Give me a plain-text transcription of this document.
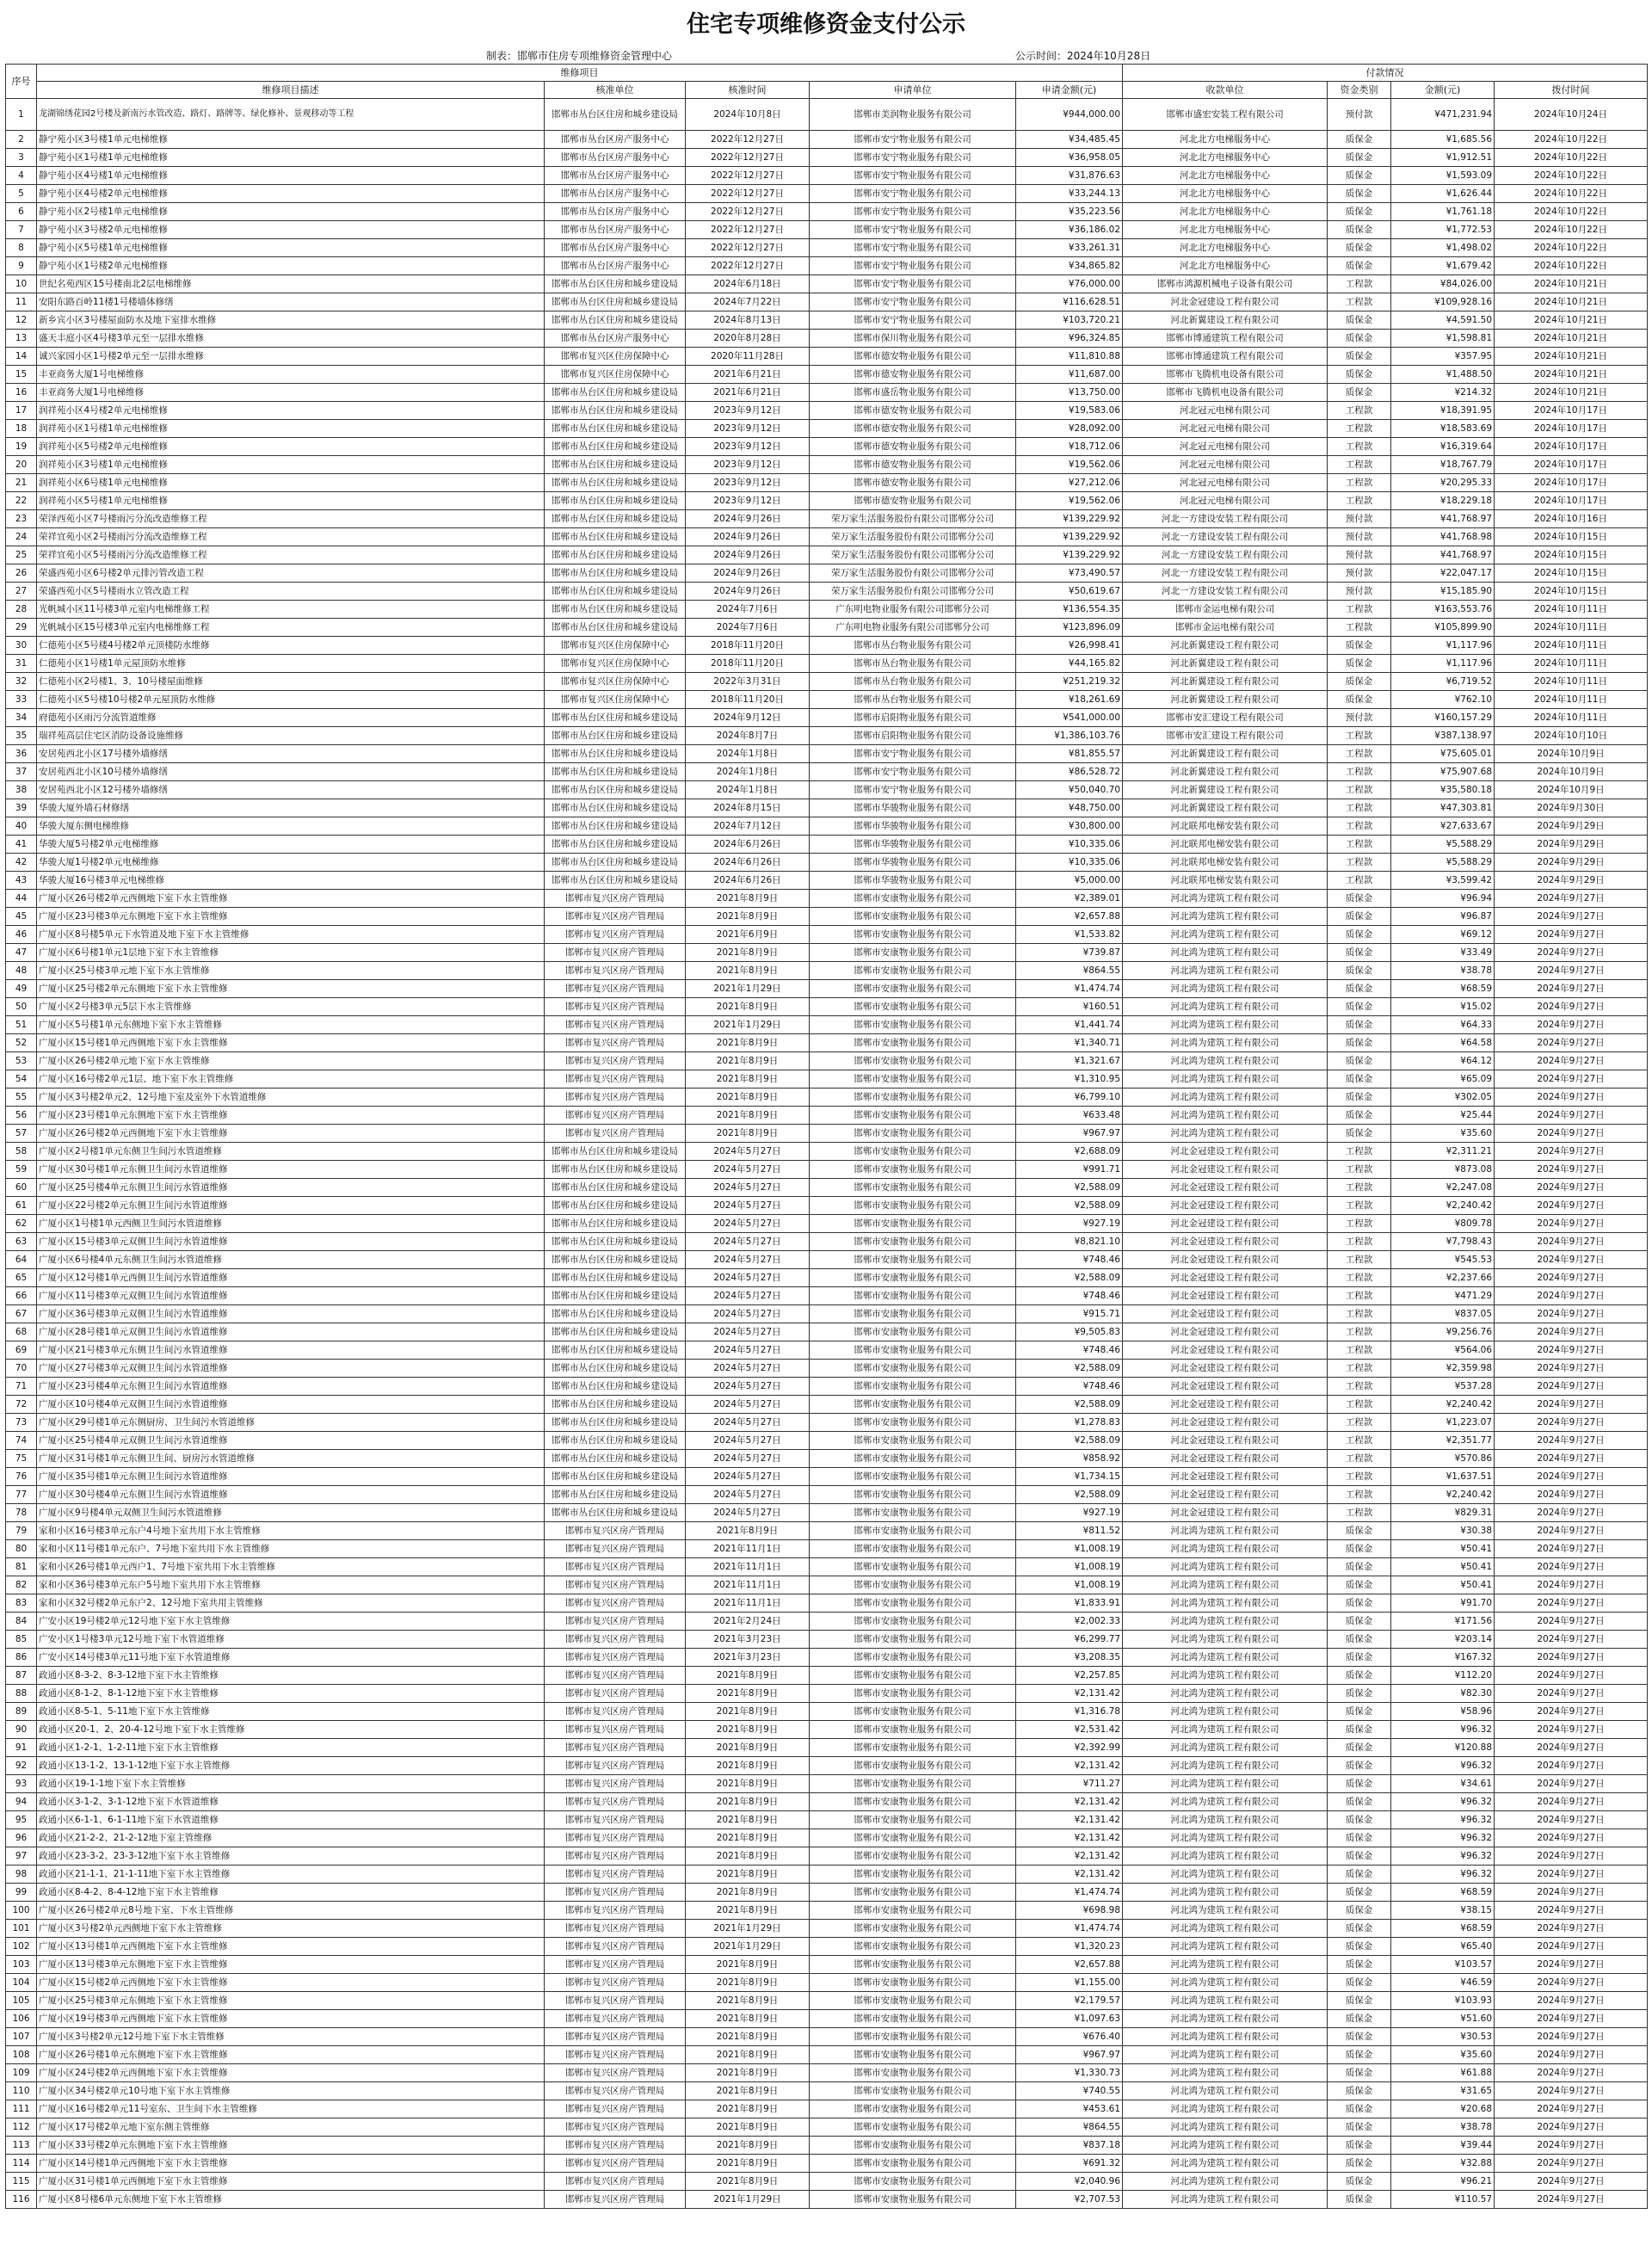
住宅专项维修资金支付公示
制表：邯郸市住房专项维修资金管理中心	公示时间：2024年10月28日
序号	维修项目					付款情况			
	维修项目描述	核准单位	核准时间	申请单位	申请金额(元)	收款单位	资金类别	金额(元)	拨付时间
1	龙湖锦绣花园2号楼及新南污水管改造、路灯、路牌等、绿化修补、景观移动等工程	邯郸市丛台区住房和城乡建设局	2024年10月8日	邯郸市美润物业服务有限公司	¥944,000.00	邯郸市盛宏安装工程有限公司	预付款	¥471,231.94	2024年10月24日
2	静宁苑小区3号楼1单元电梯维修	邯郸市丛台区房产服务中心	2022年12月27日	邯郸市安宁物业服务有限公司	¥34,485.45	河北北方电梯服务中心	质保金	¥1,685.56	2024年10月22日
3	静宁苑小区1号楼1单元电梯维修	邯郸市丛台区房产服务中心	2022年12月27日	邯郸市安宁物业服务有限公司	¥36,958.05	河北北方电梯服务中心	质保金	¥1,912.51	2024年10月22日
4	静宁苑小区4号楼1单元电梯维修	邯郸市丛台区房产服务中心	2022年12月27日	邯郸市安宁物业服务有限公司	¥31,876.63	河北北方电梯服务中心	质保金	¥1,593.09	2024年10月22日
5	静宁苑小区4号楼2单元电梯维修	邯郸市丛台区房产服务中心	2022年12月27日	邯郸市安宁物业服务有限公司	¥33,244.13	河北北方电梯服务中心	质保金	¥1,626.44	2024年10月22日
6	静宁苑小区2号楼1单元电梯维修	邯郸市丛台区房产服务中心	2022年12月27日	邯郸市安宁物业服务有限公司	¥35,223.56	河北北方电梯服务中心	质保金	¥1,761.18	2024年10月22日
7	静宁苑小区3号楼2单元电梯维修	邯郸市丛台区房产服务中心	2022年12月27日	邯郸市安宁物业服务有限公司	¥36,186.02	河北北方电梯服务中心	质保金	¥1,772.53	2024年10月22日
8	静宁苑小区5号楼1单元电梯维修	邯郸市丛台区房产服务中心	2022年12月27日	邯郸市安宁物业服务有限公司	¥33,261.31	河北北方电梯服务中心	质保金	¥1,498.02	2024年10月22日
9	静宁苑小区1号楼2单元电梯维修	邯郸市丛台区房产服务中心	2022年12月27日	邯郸市安宁物业服务有限公司	¥34,865.82	河北北方电梯服务中心	质保金	¥1,679.42	2024年10月22日
10	世纪名苑西区15号楼南北2层电梯维修	邯郸市丛台区住房和城乡建设局	2024年6月18日	邯郸市安宁物业服务有限公司	¥76,000.00	邯郸市鸿源机械电子设备有限公司	工程款	¥84,026.00	2024年10月21日
11	安阳东路百岭11楼1号楼墙体修缮	邯郸市丛台区住房和城乡建设局	2024年7月22日	邯郸市安宁物业服务有限公司	¥116,628.51	河北金冠建设工程有限公司	工程款	¥109,928.16	2024年10月21日
12	新乡宾小区3号楼屋面防水及地下室排水维修	邯郸市丛台区住房和城乡建设局	2024年8月13日	邯郸市安宁物业服务有限公司	¥103,720.21	河北新翼建设工程有限公司	质保金	¥4,591.50	2024年10月21日
13	盛天丰庭小区4号楼3单元至一层排水维修	邯郸市丛台区房产服务中心	2020年8月28日	邯郸市保川物业服务有限公司	¥96,324.85	邯郸市博通建筑工程有限公司	质保金	¥1,598.81	2024年10月21日
14	诚兴家园小区1号楼2单元至一层排水维修	邯郸市复兴区住房保障中心	2020年11月28日	邯郸市德安物业服务有限公司	¥11,810.88	邯郸市博通建筑工程有限公司	质保金	¥357.95	2024年10月21日
15	丰亚商务大厦1号电梯维修	邯郸市复兴区住房保障中心	2021年6月21日	邯郸市德安物业服务有限公司	¥11,687.00	邯郸市飞腾机电设备有限公司	质保金	¥1,488.50	2024年10月21日
16	丰亚商务大厦1号电梯维修	邯郸市丛台区住房和城乡建设局	2021年6月21日	邯郸市盛岳物业服务有限公司	¥13,750.00	邯郸市飞腾机电设备有限公司	质保金	¥214.32	2024年10月21日
17	润祥苑小区4号楼2单元电梯维修	邯郸市丛台区住房和城乡建设局	2023年9月12日	邯郸市德安物业服务有限公司	¥19,583.06	河北冠元电梯有限公司	工程款	¥18,391.95	2024年10月17日
18	润祥苑小区1号楼1单元电梯维修	邯郸市丛台区住房和城乡建设局	2023年9月12日	邯郸市德安物业服务有限公司	¥28,092.00	河北冠元电梯有限公司	工程款	¥18,583.69	2024年10月17日
19	润祥苑小区5号楼2单元电梯维修	邯郸市丛台区住房和城乡建设局	2023年9月12日	邯郸市德安物业服务有限公司	¥18,712.06	河北冠元电梯有限公司	工程款	¥16,319.64	2024年10月17日
20	润祥苑小区3号楼1单元电梯维修	邯郸市丛台区住房和城乡建设局	2023年9月12日	邯郸市德安物业服务有限公司	¥19,562.06	河北冠元电梯有限公司	工程款	¥18,767.79	2024年10月17日
21	润祥苑小区6号楼1单元电梯维修	邯郸市丛台区住房和城乡建设局	2023年9月12日	邯郸市德安物业服务有限公司	¥27,212.06	河北冠元电梯有限公司	工程款	¥20,295.33	2024年10月17日
22	润祥苑小区5号楼1单元电梯维修	邯郸市丛台区住房和城乡建设局	2023年9月12日	邯郸市德安物业服务有限公司	¥19,562.06	河北冠元电梯有限公司	工程款	¥18,229.18	2024年10月17日
23	荣泽西苑小区7号楼雨污分流改造维修工程	邯郸市丛台区住房和城乡建设局	2024年9月26日	荣万家生活服务股份有限公司邯郸分公司	¥139,229.92	河北一方建设安装工程有限公司	预付款	¥41,768.97	2024年10月16日
24	荣祥宜苑小区2号楼雨污分流改造维修工程	邯郸市丛台区住房和城乡建设局	2024年9月26日	荣万家生活服务股份有限公司邯郸分公司	¥139,229.92	河北一方建设安装工程有限公司	预付款	¥41,768.98	2024年10月15日
25	荣祥宜苑小区5号楼雨污分流改造维修工程	邯郸市丛台区住房和城乡建设局	2024年9月26日	荣万家生活服务股份有限公司邯郸分公司	¥139,229.92	河北一方建设安装工程有限公司	预付款	¥41,768.97	2024年10月15日
26	荣盛西苑小区6号楼2单元排污管改造工程	邯郸市丛台区住房和城乡建设局	2024年9月26日	荣万家生活服务股份有限公司邯郸分公司	¥73,490.57	河北一方建设安装工程有限公司	预付款	¥22,047.17	2024年10月15日
27	荣盛西苑小区5号楼雨水立管改造工程	邯郸市丛台区住房和城乡建设局	2024年9月26日	荣万家生活服务股份有限公司邯郸分公司	¥50,619.67	河北一方建设安装工程有限公司	预付款	¥15,185.90	2024年10月15日
28	光帆城小区11号楼3单元室内电梯维修工程	邯郸市丛台区住房和城乡建设局	2024年7月6日	广东明电物业服务有限公司邯郸分公司	¥136,554.35	邯郸市金运电梯有限公司	工程款	¥163,553.76	2024年10月11日
29	光帆城小区15号楼3单元室内电梯维修工程	邯郸市丛台区住房和城乡建设局	2024年7月6日	广东明电物业服务有限公司邯郸分公司	¥123,896.09	邯郸市金运电梯有限公司	工程款	¥105,899.90	2024年10月11日
30	仁德苑小区5号楼4号楼2单元顶楼防水维修	邯郸市复兴区住房保障中心	2018年11月20日	邯郸市丛台物业服务有限公司	¥26,998.41	河北新翼建设工程有限公司	质保金	¥1,117.96	2024年10月11日
31	仁德苑小区1号楼1单元屋顶防水维修	邯郸市复兴区住房保障中心	2018年11月20日	邯郸市丛台物业服务有限公司	¥44,165.82	河北新翼建设工程有限公司	质保金	¥1,117.96	2024年10月11日
32	仁德苑小区2号楼1、3、10号楼屋面维修	邯郸市复兴区住房保障中心	2022年3月31日	邯郸市丛台物业服务有限公司	¥251,219.32	河北新翼建设工程有限公司	质保金	¥6,719.52	2024年10月11日
33	仁德苑小区5号楼10号楼2单元屋顶防水维修	邯郸市复兴区住房保障中心	2018年11月20日	邯郸市丛台物业服务有限公司	¥18,261.69	河北新翼建设工程有限公司	质保金	¥762.10	2024年10月11日
34	府德苑小区雨污分流管道维修	邯郸市丛台区住房和城乡建设局	2024年9月12日	邯郸市启阳物业服务有限公司	¥541,000.00	邯郸市安汇建设工程有限公司	预付款	¥160,157.29	2024年10月11日
35	瑞祥苑高层住宅区消防设备设施维修	邯郸市丛台区住房和城乡建设局	2024年8月7日	邯郸市启阳物业服务有限公司	¥1,386,103.76	邯郸市安汇建设工程有限公司	工程款	¥387,138.97	2024年10月10日
36	安居苑西北小区17号楼外墙修缮	邯郸市丛台区住房和城乡建设局	2024年1月8日	邯郸市安宁物业服务有限公司	¥81,855.57	河北新翼建设工程有限公司	工程款	¥75,605.01	2024年10月9日
37	安居苑西北小区10号楼外墙修缮	邯郸市丛台区住房和城乡建设局	2024年1月8日	邯郸市安宁物业服务有限公司	¥86,528.72	河北新翼建设工程有限公司	工程款	¥75,907.68	2024年10月9日
38	安居苑西北小区12号楼外墙修缮	邯郸市丛台区住房和城乡建设局	2024年1月8日	邯郸市安宁物业服务有限公司	¥50,040.70	河北新翼建设工程有限公司	工程款	¥35,580.18	2024年10月9日
39	华骏大厦外墙石材修缮	邯郸市丛台区住房和城乡建设局	2024年8月15日	邯郸市华骏物业服务有限公司	¥48,750.00	河北新翼建设工程有限公司	工程款	¥47,303.81	2024年9月30日
40	华骏大厦东侧电梯维修	邯郸市丛台区住房和城乡建设局	2024年7月12日	邯郸市华骏物业服务有限公司	¥30,800.00	河北联邦电梯安装有限公司	工程款	¥27,633.67	2024年9月29日
41	华骏大厦5号楼2单元电梯维修	邯郸市丛台区住房和城乡建设局	2024年6月26日	邯郸市华骏物业服务有限公司	¥10,335.06	河北联邦电梯安装有限公司	工程款	¥5,588.29	2024年9月29日
42	华骏大厦1号楼2单元电梯维修	邯郸市丛台区住房和城乡建设局	2024年6月26日	邯郸市华骏物业服务有限公司	¥10,335.06	河北联邦电梯安装有限公司	工程款	¥5,588.29	2024年9月29日
43	华骏大厦16号楼3单元电梯维修	邯郸市丛台区住房和城乡建设局	2024年6月26日	邯郸市华骏物业服务有限公司	¥5,000.00	河北联邦电梯安装有限公司	工程款	¥3,599.42	2024年9月29日
44	广厦小区26号楼2单元西侧地下室下水主管维修	邯郸市复兴区房产管理局	2021年8月9日	邯郸市安康物业服务有限公司	¥2,389.01	河北鸿为建筑工程有限公司	质保金	¥96.94	2024年9月27日
45	广厦小区23号楼3单元东侧地下室下水主管维修	邯郸市复兴区房产管理局	2021年8月9日	邯郸市安康物业服务有限公司	¥2,657.88	河北鸿为建筑工程有限公司	质保金	¥96.87	2024年9月27日
46	广厦小区8号楼5单元下水管道及地下室下水主管维修	邯郸市复兴区房产管理局	2021年6月9日	邯郸市安康物业服务有限公司	¥1,533.82	河北鸿为建筑工程有限公司	质保金	¥69.12	2024年9月27日
47	广厦小区6号楼1单元1层地下室下水主管维修	邯郸市复兴区房产管理局	2021年8月9日	邯郸市安康物业服务有限公司	¥739.87	河北鸿为建筑工程有限公司	质保金	¥33.49	2024年9月27日
48	广厦小区25号楼3单元地下室下水主管维修	邯郸市复兴区房产管理局	2021年8月9日	邯郸市安康物业服务有限公司	¥864.55	河北鸿为建筑工程有限公司	质保金	¥38.78	2024年9月27日
49	广厦小区25号楼2单元东侧地下室下水主管维修	邯郸市复兴区房产管理局	2021年1月29日	邯郸市安康物业服务有限公司	¥1,474.74	河北鸿为建筑工程有限公司	质保金	¥68.59	2024年9月27日
50	广厦小区2号楼3单元5层下水主管维修	邯郸市复兴区房产管理局	2021年8月9日	邯郸市安康物业服务有限公司	¥160.51	河北鸿为建筑工程有限公司	质保金	¥15.02	2024年9月27日
51	广厦小区5号楼1单元东侧地下室下水主管维修	邯郸市复兴区房产管理局	2021年1月29日	邯郸市安康物业服务有限公司	¥1,441.74	河北鸿为建筑工程有限公司	质保金	¥64.33	2024年9月27日
52	广厦小区15号楼1单元西侧地下室下水主管维修	邯郸市复兴区房产管理局	2021年8月9日	邯郸市安康物业服务有限公司	¥1,340.71	河北鸿为建筑工程有限公司	质保金	¥64.58	2024年9月27日
53	广厦小区26号楼2单元地下室下水主管维修	邯郸市复兴区房产管理局	2021年8月9日	邯郸市安康物业服务有限公司	¥1,321.67	河北鸿为建筑工程有限公司	质保金	¥64.12	2024年9月27日
54	广厦小区16号楼2单元1层、地下室下水主管维修	邯郸市复兴区房产管理局	2021年8月9日	邯郸市安康物业服务有限公司	¥1,310.95	河北鸿为建筑工程有限公司	质保金	¥65.09	2024年9月27日
55	广厦小区3号楼2单元2、12号地下室及室外下水管道维修	邯郸市复兴区房产管理局	2021年8月9日	邯郸市安康物业服务有限公司	¥6,799.10	河北鸿为建筑工程有限公司	质保金	¥302.05	2024年9月27日
56	广厦小区23号楼1单元东侧地下室下水主管维修	邯郸市复兴区房产管理局	2021年8月9日	邯郸市安康物业服务有限公司	¥633.48	河北鸿为建筑工程有限公司	质保金	¥25.44	2024年9月27日
57	广厦小区26号楼2单元西侧地下室下水主管维修	邯郸市复兴区房产管理局	2021年8月9日	邯郸市安康物业服务有限公司	¥967.97	河北鸿为建筑工程有限公司	质保金	¥35.60	2024年9月27日
58	广厦小区2号楼1单元东侧卫生间污水管道维修	邯郸市丛台区住房和城乡建设局	2024年5月27日	邯郸市安康物业服务有限公司	¥2,688.09	河北金冠建设工程有限公司	工程款	¥2,311.21	2024年9月27日
59	广厦小区30号楼1单元东侧卫生间污水管道维修	邯郸市丛台区住房和城乡建设局	2024年5月27日	邯郸市安康物业服务有限公司	¥991.71	河北金冠建设工程有限公司	工程款	¥873.08	2024年9月27日
60	广厦小区25号楼4单元东侧卫生间污水管道维修	邯郸市丛台区住房和城乡建设局	2024年5月27日	邯郸市安康物业服务有限公司	¥2,588.09	河北金冠建设工程有限公司	工程款	¥2,247.08	2024年9月27日
61	广厦小区22号楼2单元东侧卫生间污水管道维修	邯郸市丛台区住房和城乡建设局	2024年5月27日	邯郸市安康物业服务有限公司	¥2,588.09	河北金冠建设工程有限公司	工程款	¥2,240.42	2024年9月27日
62	广厦小区1号楼1单元西侧卫生间污水管道维修	邯郸市丛台区住房和城乡建设局	2024年5月27日	邯郸市安康物业服务有限公司	¥927.19	河北金冠建设工程有限公司	工程款	¥809.78	2024年9月27日
63	广厦小区15号楼3单元双侧卫生间污水管道维修	邯郸市丛台区住房和城乡建设局	2024年5月27日	邯郸市安康物业服务有限公司	¥8,821.10	河北金冠建设工程有限公司	工程款	¥7,798.43	2024年9月27日
64	广厦小区6号楼4单元东侧卫生间污水管道维修	邯郸市丛台区住房和城乡建设局	2024年5月27日	邯郸市安康物业服务有限公司	¥748.46	河北金冠建设工程有限公司	工程款	¥545.53	2024年9月27日
65	广厦小区12号楼1单元西侧卫生间污水管道维修	邯郸市丛台区住房和城乡建设局	2024年5月27日	邯郸市安康物业服务有限公司	¥2,588.09	河北金冠建设工程有限公司	工程款	¥2,237.66	2024年9月27日
66	广厦小区11号楼3单元双侧卫生间污水管道维修	邯郸市丛台区住房和城乡建设局	2024年5月27日	邯郸市安康物业服务有限公司	¥748.46	河北金冠建设工程有限公司	工程款	¥471.29	2024年9月27日
67	广厦小区36号楼3单元双侧卫生间污水管道维修	邯郸市丛台区住房和城乡建设局	2024年5月27日	邯郸市安康物业服务有限公司	¥915.71	河北金冠建设工程有限公司	工程款	¥837.05	2024年9月27日
68	广厦小区28号楼1单元双侧卫生间污水管道维修	邯郸市丛台区住房和城乡建设局	2024年5月27日	邯郸市安康物业服务有限公司	¥9,505.83	河北金冠建设工程有限公司	工程款	¥9,256.76	2024年9月27日
69	广厦小区21号楼3单元东侧卫生间污水管道维修	邯郸市丛台区住房和城乡建设局	2024年5月27日	邯郸市安康物业服务有限公司	¥748.46	河北金冠建设工程有限公司	工程款	¥564.06	2024年9月27日
70	广厦小区27号楼3单元双侧卫生间污水管道维修	邯郸市丛台区住房和城乡建设局	2024年5月27日	邯郸市安康物业服务有限公司	¥2,588.09	河北金冠建设工程有限公司	工程款	¥2,359.98	2024年9月27日
71	广厦小区23号楼4单元东侧卫生间污水管道维修	邯郸市丛台区住房和城乡建设局	2024年5月27日	邯郸市安康物业服务有限公司	¥748.46	河北金冠建设工程有限公司	工程款	¥537.28	2024年9月27日
72	广厦小区10号楼4单元双侧卫生间污水管道维修	邯郸市丛台区住房和城乡建设局	2024年5月27日	邯郸市安康物业服务有限公司	¥2,588.09	河北金冠建设工程有限公司	工程款	¥2,240.42	2024年9月27日
73	广厦小区29号楼1单元东侧厨房、卫生间污水管道维修	邯郸市丛台区住房和城乡建设局	2024年5月27日	邯郸市安康物业服务有限公司	¥1,278.83	河北金冠建设工程有限公司	工程款	¥1,223.07	2024年9月27日
74	广厦小区25号楼4单元双侧卫生间污水管道维修	邯郸市丛台区住房和城乡建设局	2024年5月27日	邯郸市安康物业服务有限公司	¥2,588.09	河北金冠建设工程有限公司	工程款	¥2,351.77	2024年9月27日
75	广厦小区31号楼1单元东侧卫生间、厨房污水管道维修	邯郸市丛台区住房和城乡建设局	2024年5月27日	邯郸市安康物业服务有限公司	¥858.92	河北金冠建设工程有限公司	工程款	¥570.86	2024年9月27日
76	广厦小区35号楼1单元东侧卫生间污水管道维修	邯郸市丛台区住房和城乡建设局	2024年5月27日	邯郸市安康物业服务有限公司	¥1,734.15	河北金冠建设工程有限公司	工程款	¥1,637.51	2024年9月27日
77	广厦小区30号楼4单元东侧卫生间污水管道维修	邯郸市丛台区住房和城乡建设局	2024年5月27日	邯郸市安康物业服务有限公司	¥2,588.09	河北金冠建设工程有限公司	工程款	¥2,240.42	2024年9月27日
78	广厦小区9号楼4单元双侧卫生间污水管道维修	邯郸市丛台区住房和城乡建设局	2024年5月27日	邯郸市安康物业服务有限公司	¥927.19	河北金冠建设工程有限公司	工程款	¥829.31	2024年9月27日
79	家和小区16号楼3单元东户4号地下室共用下水主管维修	邯郸市复兴区房产管理局	2021年8月9日	邯郸市安康物业服务有限公司	¥811.52	河北鸿为建筑工程有限公司	质保金	¥30.38	2024年9月27日
80	家和小区11号楼1单元东户、7号地下室共用下水主管维修	邯郸市复兴区房产管理局	2021年11月1日	邯郸市安康物业服务有限公司	¥1,008.19	河北鸿为建筑工程有限公司	质保金	¥50.41	2024年9月27日
81	家和小区26号楼1单元西户1、7号地下室共用下水主管维修	邯郸市复兴区房产管理局	2021年11月1日	邯郸市安康物业服务有限公司	¥1,008.19	河北鸿为建筑工程有限公司	质保金	¥50.41	2024年9月27日
82	家和小区36号楼3单元东户5号地下室共用下水主管维修	邯郸市复兴区房产管理局	2021年11月1日	邯郸市安康物业服务有限公司	¥1,008.19	河北鸿为建筑工程有限公司	质保金	¥50.41	2024年9月27日
83	家和小区32号楼2单元东户2、12号地下室共用主管维修	邯郸市复兴区房产管理局	2021年11月1日	邯郸市安康物业服务有限公司	¥1,833.91	河北鸿为建筑工程有限公司	质保金	¥91.70	2024年9月27日
84	广安小区19号楼2单元12号地下室下水主管维修	邯郸市复兴区房产管理局	2021年2月24日	邯郸市安康物业服务有限公司	¥2,002.33	河北鸿为建筑工程有限公司	质保金	¥171.56	2024年9月27日
85	广安小区1号楼3单元12号地下室下水管道维修	邯郸市复兴区房产管理局	2021年3月23日	邯郸市安康物业服务有限公司	¥6,299.77	河北鸿为建筑工程有限公司	质保金	¥203.14	2024年9月27日
86	广安小区14号楼3单元11号地下室下水管道维修	邯郸市复兴区房产管理局	2021年3月23日	邯郸市安康物业服务有限公司	¥3,208.35	河北鸿为建筑工程有限公司	质保金	¥167.32	2024年9月27日
87	政通小区8-3-2、8-3-12地下室下水主管维修	邯郸市复兴区房产管理局	2021年8月9日	邯郸市安康物业服务有限公司	¥2,257.85	河北鸿为建筑工程有限公司	质保金	¥112.20	2024年9月27日
88	政通小区8-1-2、8-1-12地下室下水主管维修	邯郸市复兴区房产管理局	2021年8月9日	邯郸市安康物业服务有限公司	¥2,131.42	河北鸿为建筑工程有限公司	质保金	¥82.30	2024年9月27日
89	政通小区8-5-1、5-11地下室下水主管维修	邯郸市复兴区房产管理局	2021年8月9日	邯郸市安康物业服务有限公司	¥1,316.78	河北鸿为建筑工程有限公司	质保金	¥58.96	2024年9月27日
90	政通小区20-1、2、20-4-12号地下室下水主管维修	邯郸市复兴区房产管理局	2021年8月9日	邯郸市安康物业服务有限公司	¥2,531.42	河北鸿为建筑工程有限公司	质保金	¥96.32	2024年9月27日
91	政通小区1-2-1、1-2-11地下室下水主管维修	邯郸市复兴区房产管理局	2021年8月9日	邯郸市安康物业服务有限公司	¥2,392.99	河北鸿为建筑工程有限公司	质保金	¥120.88	2024年9月27日
92	政通小区13-1-2、13-1-12地下室下水主管维修	邯郸市复兴区房产管理局	2021年8月9日	邯郸市安康物业服务有限公司	¥2,131.42	河北鸿为建筑工程有限公司	质保金	¥96.32	2024年9月27日
93	政通小区19-1-1地下室下水主管维修	邯郸市复兴区房产管理局	2021年8月9日	邯郸市安康物业服务有限公司	¥711.27	河北鸿为建筑工程有限公司	质保金	¥34.61	2024年9月27日
94	政通小区3-1-2、3-1-12地下室下水管道维修	邯郸市复兴区房产管理局	2021年8月9日	邯郸市安康物业服务有限公司	¥2,131.42	河北鸿为建筑工程有限公司	质保金	¥96.32	2024年9月27日
95	政通小区6-1-1、6-1-11地下室下水管道维修	邯郸市复兴区房产管理局	2021年8月9日	邯郸市安康物业服务有限公司	¥2,131.42	河北鸿为建筑工程有限公司	质保金	¥96.32	2024年9月27日
96	政通小区21-2-2、21-2-12地下室主管维修	邯郸市复兴区房产管理局	2021年8月9日	邯郸市安康物业服务有限公司	¥2,131.42	河北鸿为建筑工程有限公司	质保金	¥96.32	2024年9月27日
97	政通小区23-3-2、23-3-12地下室下水主管维修	邯郸市复兴区房产管理局	2021年8月9日	邯郸市安康物业服务有限公司	¥2,131.42	河北鸿为建筑工程有限公司	质保金	¥96.32	2024年9月27日
98	政通小区21-1-1、21-1-11地下室下水主管维修	邯郸市复兴区房产管理局	2021年8月9日	邯郸市安康物业服务有限公司	¥2,131.42	河北鸿为建筑工程有限公司	质保金	¥96.32	2024年9月27日
99	政通小区8-4-2、8-4-12地下室下水主管维修	邯郸市复兴区房产管理局	2021年8月9日	邯郸市安康物业服务有限公司	¥1,474.74	河北鸿为建筑工程有限公司	质保金	¥68.59	2024年9月27日
100	广厦小区26号楼2单元8号地下室、下水主管维修	邯郸市复兴区房产管理局	2021年8月9日	邯郸市安康物业服务有限公司	¥698.98	河北鸿为建筑工程有限公司	质保金	¥38.15	2024年9月27日
101	广厦小区3号楼2单元西侧地下室下水主管维修	邯郸市复兴区房产管理局	2021年1月29日	邯郸市安康物业服务有限公司	¥1,474.74	河北鸿为建筑工程有限公司	质保金	¥68.59	2024年9月27日
102	广厦小区13号楼1单元西侧地下室下水主管维修	邯郸市复兴区房产管理局	2021年1月29日	邯郸市安康物业服务有限公司	¥1,320.23	河北鸿为建筑工程有限公司	质保金	¥65.40	2024年9月27日
103	广厦小区13号楼3单元东侧地下室下水主管维修	邯郸市复兴区房产管理局	2021年8月9日	邯郸市安康物业服务有限公司	¥2,657.88	河北鸿为建筑工程有限公司	质保金	¥103.57	2024年9月27日
104	广厦小区15号楼2单元西侧地下室下水主管维修	邯郸市复兴区房产管理局	2021年8月9日	邯郸市安康物业服务有限公司	¥1,155.00	河北鸿为建筑工程有限公司	质保金	¥46.59	2024年9月27日
105	广厦小区25号楼3单元东侧地下室下水主管维修	邯郸市复兴区房产管理局	2021年8月9日	邯郸市安康物业服务有限公司	¥2,179.57	河北鸿为建筑工程有限公司	质保金	¥103.93	2024年9月27日
106	广厦小区19号楼3单元西侧地下室下水主管维修	邯郸市复兴区房产管理局	2021年8月9日	邯郸市安康物业服务有限公司	¥1,097.63	河北鸿为建筑工程有限公司	质保金	¥51.60	2024年9月27日
107	广厦小区3号楼2单元12号地下室下水主管维修	邯郸市复兴区房产管理局	2021年8月9日	邯郸市安康物业服务有限公司	¥676.40	河北鸿为建筑工程有限公司	质保金	¥30.53	2024年9月27日
108	广厦小区26号楼1单元东侧地下室下水主管维修	邯郸市复兴区房产管理局	2021年8月9日	邯郸市安康物业服务有限公司	¥967.97	河北鸿为建筑工程有限公司	质保金	¥35.60	2024年9月27日
109	广厦小区24号楼2单元西侧地下室下水主管维修	邯郸市复兴区房产管理局	2021年8月9日	邯郸市安康物业服务有限公司	¥1,330.73	河北鸿为建筑工程有限公司	质保金	¥61.88	2024年9月27日
110	广厦小区34号楼2单元10号地下室下水主管维修	邯郸市复兴区房产管理局	2021年8月9日	邯郸市安康物业服务有限公司	¥740.55	河北鸿为建筑工程有限公司	质保金	¥31.65	2024年9月27日
111	广厦小区16号楼2单元11号室东、卫生间下水主管维修	邯郸市复兴区房产管理局	2021年8月9日	邯郸市安康物业服务有限公司	¥453.61	河北鸿为建筑工程有限公司	质保金	¥20.68	2024年9月27日
112	广厦小区17号楼2单元地下室东侧主管维修	邯郸市复兴区房产管理局	2021年8月9日	邯郸市安康物业服务有限公司	¥864.55	河北鸿为建筑工程有限公司	质保金	¥38.78	2024年9月27日
113	广厦小区33号楼2单元东侧地下室下水主管维修	邯郸市复兴区房产管理局	2021年8月9日	邯郸市安康物业服务有限公司	¥837.18	河北鸿为建筑工程有限公司	质保金	¥39.44	2024年9月27日
114	广厦小区14号楼1单元西侧地下室下水主管维修	邯郸市复兴区房产管理局	2021年8月9日	邯郸市安康物业服务有限公司	¥691.32	河北鸿为建筑工程有限公司	质保金	¥32.88	2024年9月27日
115	广厦小区31号楼1单元西侧地下室下水主管维修	邯郸市复兴区房产管理局	2021年8月9日	邯郸市安康物业服务有限公司	¥2,040.96	河北鸿为建筑工程有限公司	质保金	¥96.21	2024年9月27日
116	广厦小区8号楼6单元东侧地下室下水主管维修	邯郸市复兴区房产管理局	2021年1月29日	邯郸市安康物业服务有限公司	¥2,707.53	河北鸿为建筑工程有限公司	质保金	¥110.57	2024年9月27日
